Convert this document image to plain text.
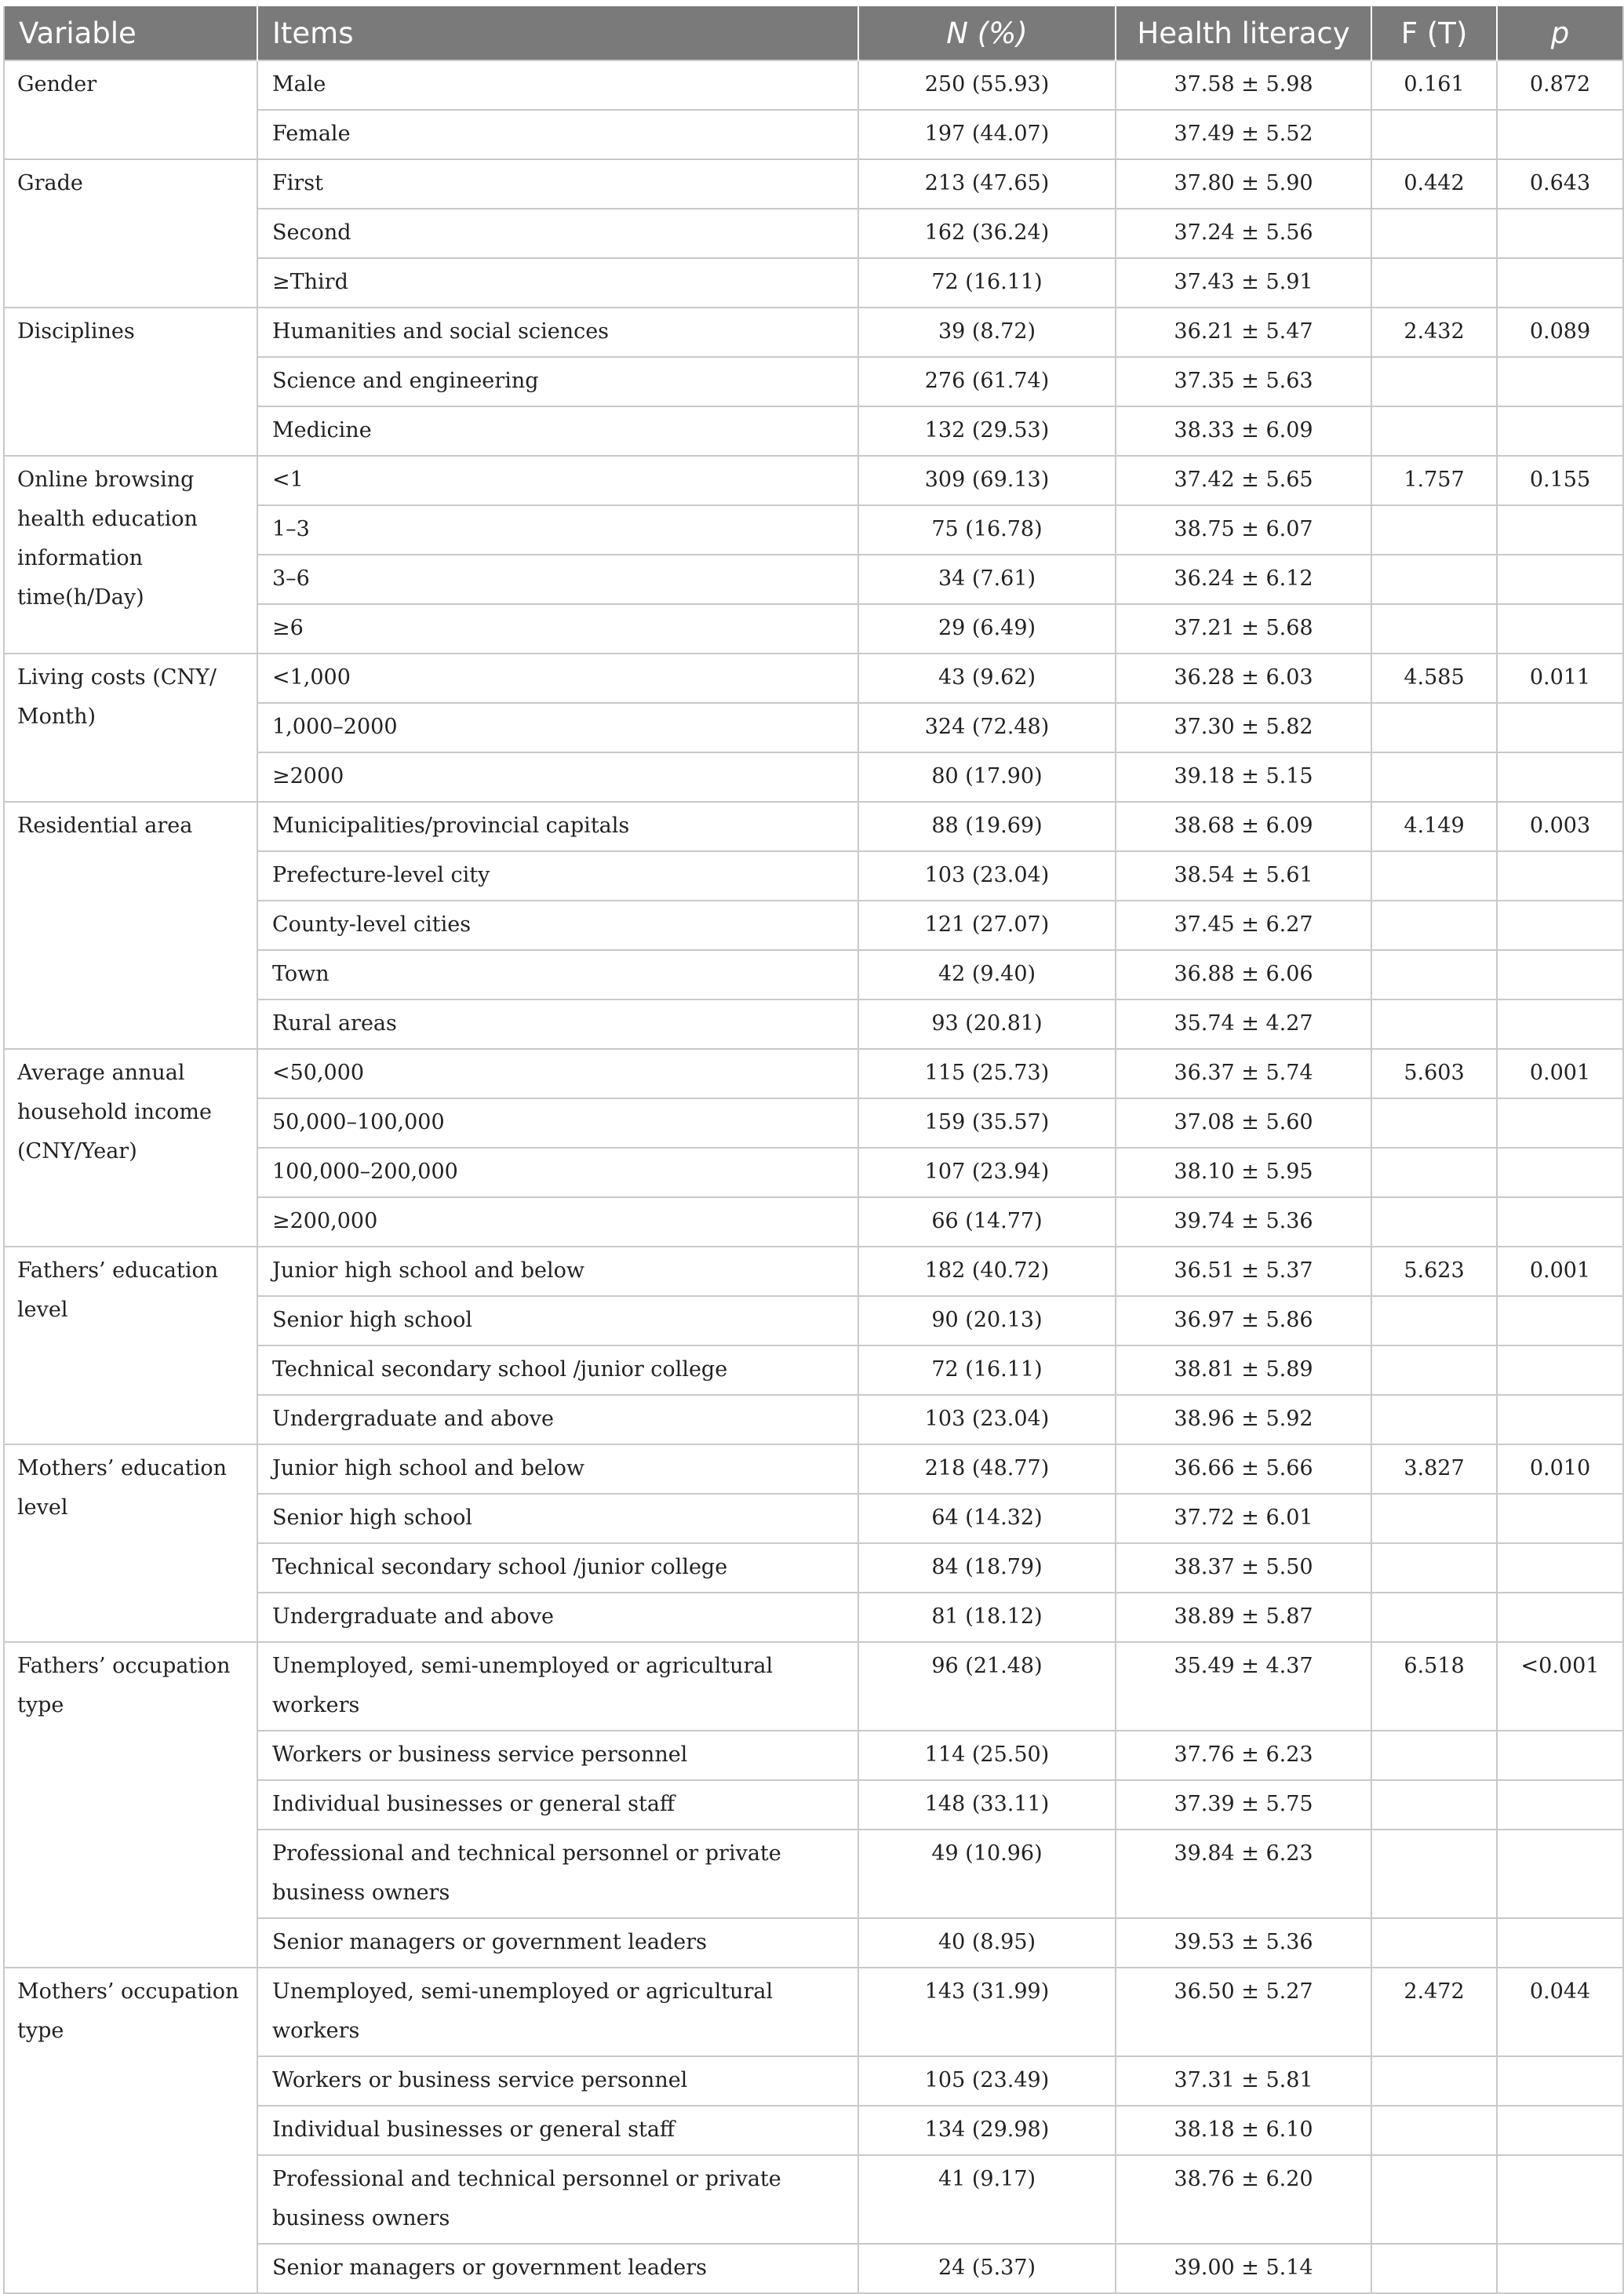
Variable	Items	N (%)	Health literacy	F (T)	p
Gender	Male	250 (55.93)	37.58 ± 5.98	0.161	0.872
	Female	197 (44.07)	37.49 ± 5.52		
Grade	First	213 (47.65)	37.80 ± 5.90	0.442	0.643
	Second	162 (36.24)	37.24 ± 5.56		
	≥Third	72 (16.11)	37.43 ± 5.91		
Disciplines	Humanities and social sciences	39 (8.72)	36.21 ± 5.47	2.432	0.089
	Science and engineering	276 (61.74)	37.35 ± 5.63		
	Medicine	132 (29.53)	38.33 ± 6.09		
Online browsing health education information time(h/Day)	<1	309 (69.13)	37.42 ± 5.65	1.757	0.155
	1–3	75 (16.78)	38.75 ± 6.07		
	3–6	34 (7.61)	36.24 ± 6.12		
	≥6	29 (6.49)	37.21 ± 5.68		
Living costs (CNY/ Month)	<1,000	43 (9.62)	36.28 ± 6.03	4.585	0.011
	1,000–2000	324 (72.48)	37.30 ± 5.82		
	≥2000	80 (17.90)	39.18 ± 5.15		
Residential area	Municipalities/provincial capitals	88 (19.69)	38.68 ± 6.09	4.149	0.003
	Prefecture-level city	103 (23.04)	38.54 ± 5.61		
	County-level cities	121 (27.07)	37.45 ± 6.27		
	Town	42 (9.40)	36.88 ± 6.06		
	Rural areas	93 (20.81)	35.74 ± 4.27		
Average annual household income (CNY/Year)	<50,000	115 (25.73)	36.37 ± 5.74	5.603	0.001
	50,000–100,000	159 (35.57)	37.08 ± 5.60		
	100,000–200,000	107 (23.94)	38.10 ± 5.95		
	≥200,000	66 (14.77)	39.74 ± 5.36		
Fathers’ education level	Junior high school and below	182 (40.72)	36.51 ± 5.37	5.623	0.001
	Senior high school	90 (20.13)	36.97 ± 5.86		
	Technical secondary school /junior college	72 (16.11)	38.81 ± 5.89		
	Undergraduate and above	103 (23.04)	38.96 ± 5.92		
Mothers’ education level	Junior high school and below	218 (48.77)	36.66 ± 5.66	3.827	0.010
	Senior high school	64 (14.32)	37.72 ± 6.01		
	Technical secondary school /junior college	84 (18.79)	38.37 ± 5.50		
	Undergraduate and above	81 (18.12)	38.89 ± 5.87		
Fathers’ occupation type	Unemployed, semi-unemployed or agricultural workers	96 (21.48)	35.49 ± 4.37	6.518	<0.001
	Workers or business service personnel	114 (25.50)	37.76 ± 6.23		
	Individual businesses or general staff	148 (33.11)	37.39 ± 5.75		
	Professional and technical personnel or private business owners	49 (10.96)	39.84 ± 6.23		
	Senior managers or government leaders	40 (8.95)	39.53 ± 5.36		
Mothers’ occupation type	Unemployed, semi-unemployed or agricultural workers	143 (31.99)	36.50 ± 5.27	2.472	0.044
	Workers or business service personnel	105 (23.49)	37.31 ± 5.81		
	Individual businesses or general staff	134 (29.98)	38.18 ± 6.10		
	Professional and technical personnel or private business owners	41 (9.17)	38.76 ± 6.20		
	Senior managers or government leaders	24 (5.37)	39.00 ± 5.14		
